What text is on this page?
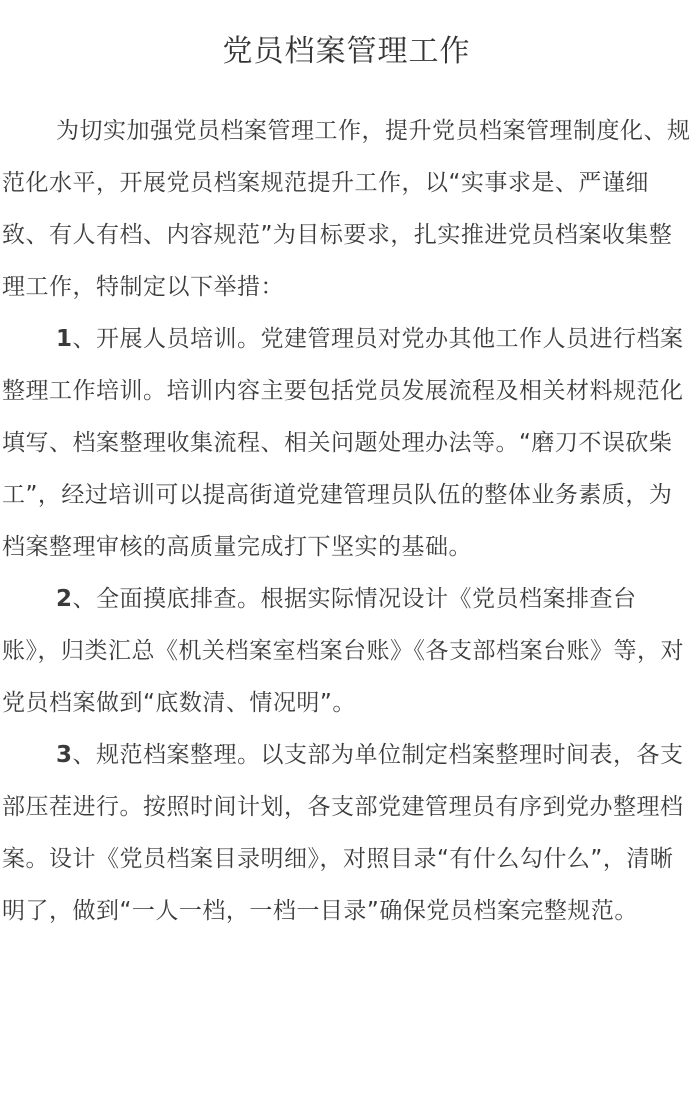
党员档案管理工作

为切实加强党员档案管理工作，提升党员档案管理制度化、规范化水平，开展党员档案规范提升工作，以“实事求是、严谨细致、有人有档、内容规范”为目标要求，扎实推进党员档案收集整理工作，特制定以下举措：

1、开展人员培训。党建管理员对党办其他工作人员进行档案整理工作培训。培训内容主要包括党员发展流程及相关材料规范化填写、档案整理收集流程、相关问题处理办法等。“磨刀不误砍柴工”，经过培训可以提高街道党建管理员队伍的整体业务素质，为档案整理审核的高质量完成打下坚实的基础。

2、全面摸底排查。根据实际情况设计《党员档案排查台账》，归类汇总《机关档案室档案台账》《各支部档案台账》等，对党员档案做到“底数清、情况明”。

3、规范档案整理。以支部为单位制定档案整理时间表，各支部压茬进行。按照时间计划，各支部党建管理员有序到党办整理档案。设计《党员档案目录明细》，对照目录“有什么勾什么”，清晰明了，做到“一人一档，一档一目录”确保党员档案完整规范。
